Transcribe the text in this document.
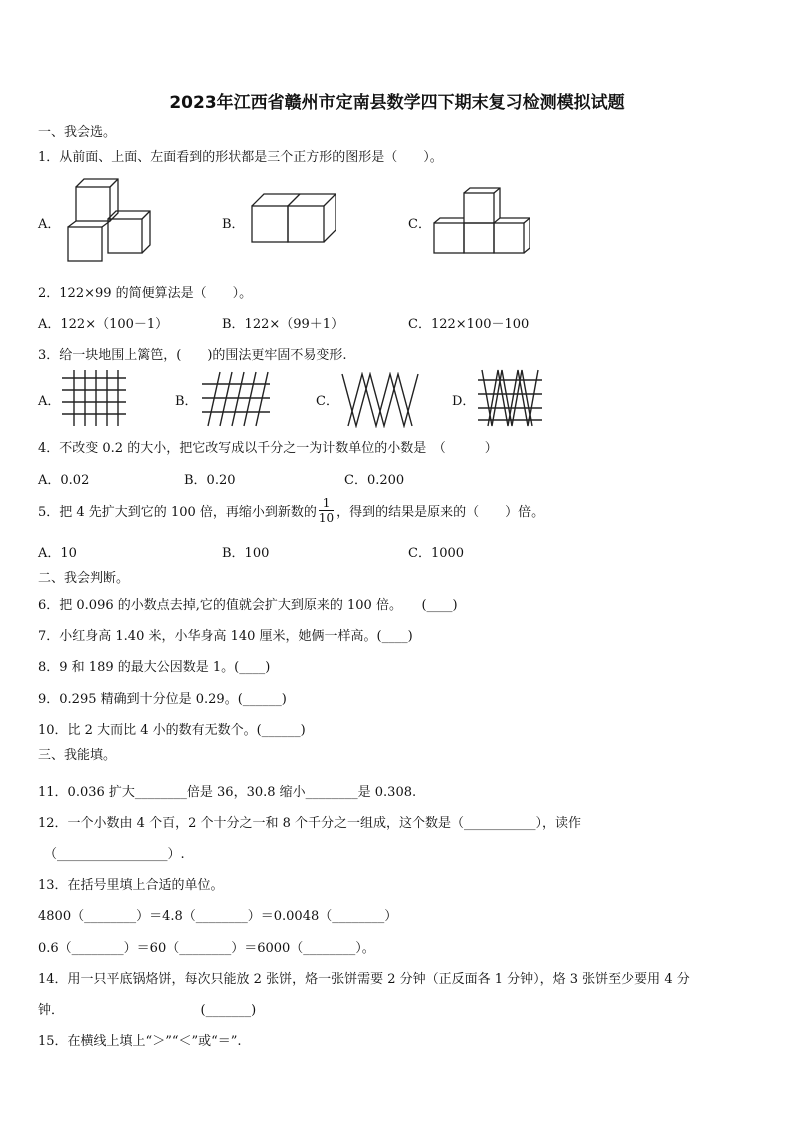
2023年江西省赣州市定南县数学四下期末复习检测模拟试题
一、我会选。
1．从前面、上面、左面看到的形状都是三个正方形的图形是（　　）。
A．	B．	C．
2．122×99 的简便算法是（　　）。
A．122×（100－1）	B．122×（99＋1）	C．122×100－100
3．给一块地围上篱笆，(　　)的围法更牢固不易变形.
A．	B．	C．	D．
4．不改变 0.2 的大小，把它改写成以千分之一为计数单位的小数是　（　　　）
A．0.02	B．0.20	C．0.200
5．把 4 先扩大到它的 100 倍，再缩小到新数的 $\frac{1}{10}$ ，得到的结果是原来的（　　）倍。
A．10	B．100	C．1000
二、我会判断。
6．把 0.096 的小数点去掉,它的值就会扩大到原来的 100 倍。　　(____)
7．小红身高 1.40 米，小华身高 140 厘米，她俩一样高。(____)
8．9 和 189 的最大公因数是 1。(____)
9．0.295 精确到十分位是 0.29。(______)
10．比 2 大而比 4 小的数有无数个。(______)
三、我能填。
11．0.036 扩大________倍是 36，30.8 缩小________是 0.308.
12．一个小数由 4 个百，2 个十分之一和 8 个千分之一组成，这个数是（___________），读作
（_________________）.
13．在括号里填上合适的单位。
4800（________）＝4.8（________）＝0.0048（________）
0.6（________）＝60（________）＝6000（________）。
14．用一只平底锅烙饼，每次只能放 2 张饼，烙一张饼需要 2 分钟（正反面各 1 分钟），烙 3 张饼至少要用 4 分
钟．　　　　　　　　　　　(_______)
15．在横线上填上“＞”“＜”或“＝”.
